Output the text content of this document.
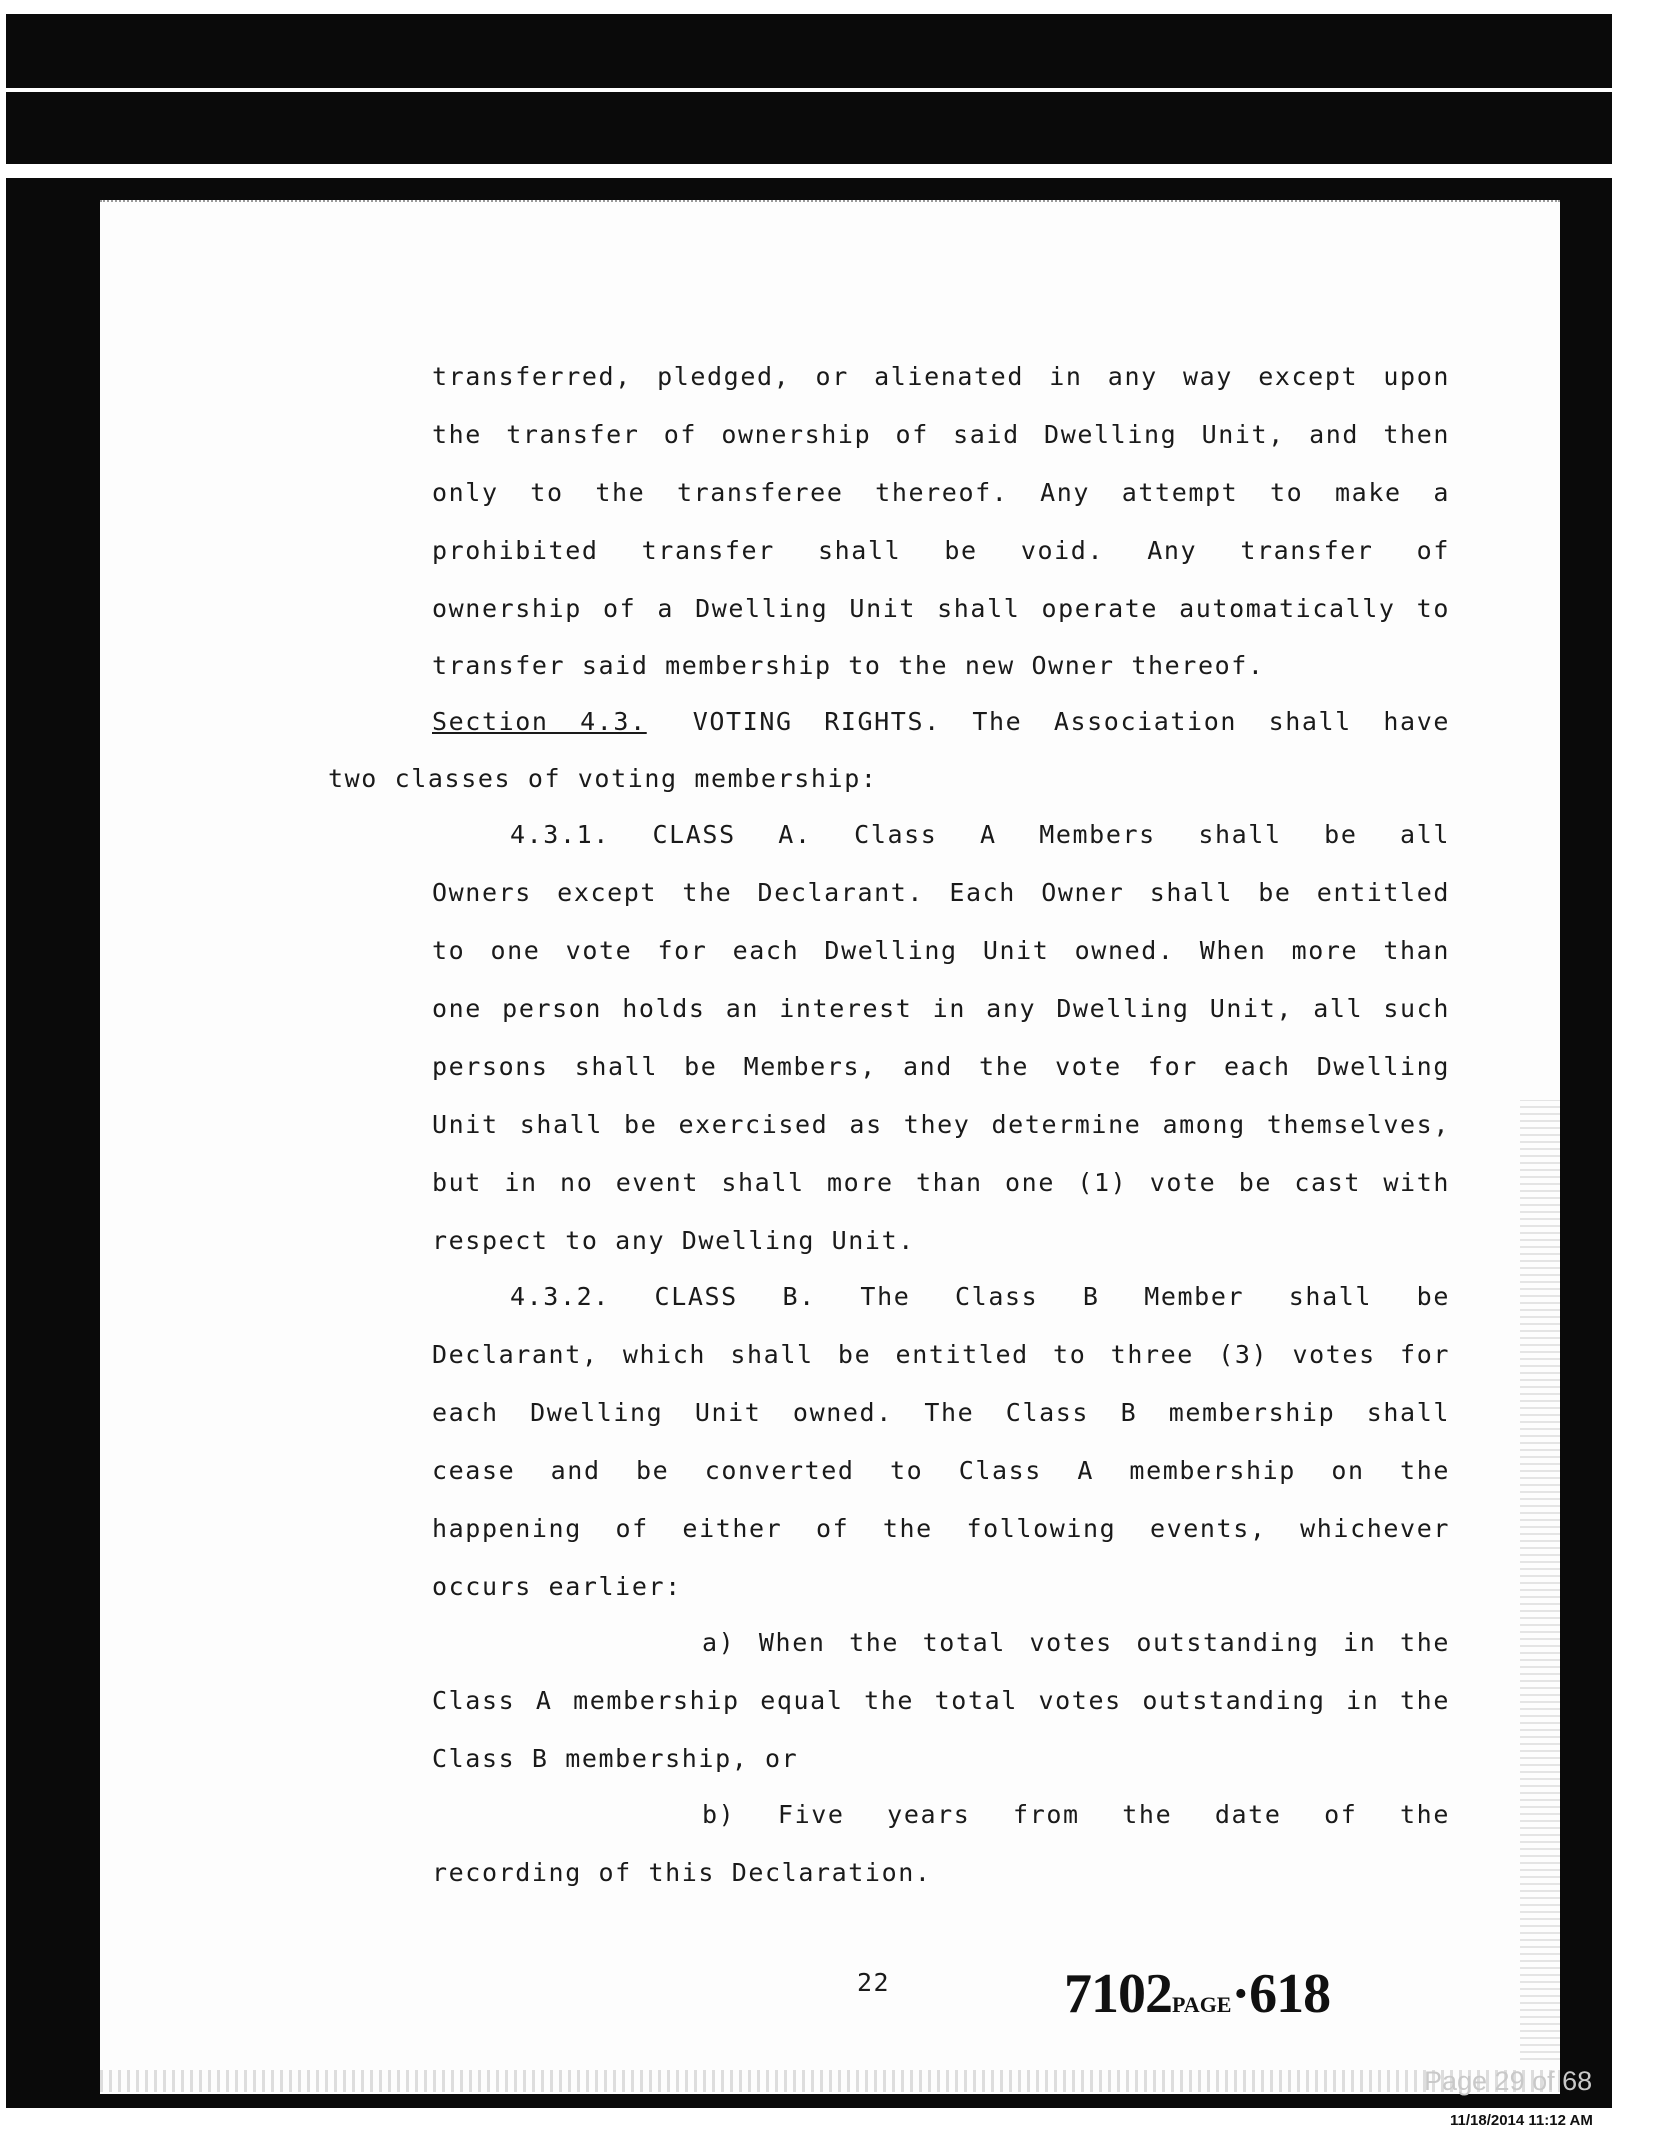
transferred, pledged, or alienated in any way except upon
the transfer of ownership of said Dwelling Unit, and then
only to the transferee thereof. Any attempt to make a
prohibited transfer shall be void. Any transfer of
ownership of a Dwelling Unit shall operate automatically to
transfer said membership to the new Owner thereof.
Section 4.3. VOTING RIGHTS. The Association shall have
two classes of voting membership:
4.3.1. CLASS A. Class A Members shall be all
Owners except the Declarant. Each Owner shall be entitled
to one vote for each Dwelling Unit owned. When more than
one person holds an interest in any Dwelling Unit, all such
persons shall be Members, and the vote for each Dwelling
Unit shall be exercised as they determine among themselves,
but in no event shall more than one (1) vote be cast with
respect to any Dwelling Unit.
4.3.2. CLASS B. The Class B Member shall be
Declarant, which shall be entitled to three (3) votes for
each Dwelling Unit owned. The Class B membership shall
cease and be converted to Class A membership on the
happening of either of the following events, whichever
occurs earlier:
a) When the total votes outstanding in the
Class A membership equal the total votes outstanding in the
Class B membership, or
b) Five years from the date of the
recording of this Declaration.
22	7102PAGE·618
Page 29 of 68
11/18/2014 11:12 AM
